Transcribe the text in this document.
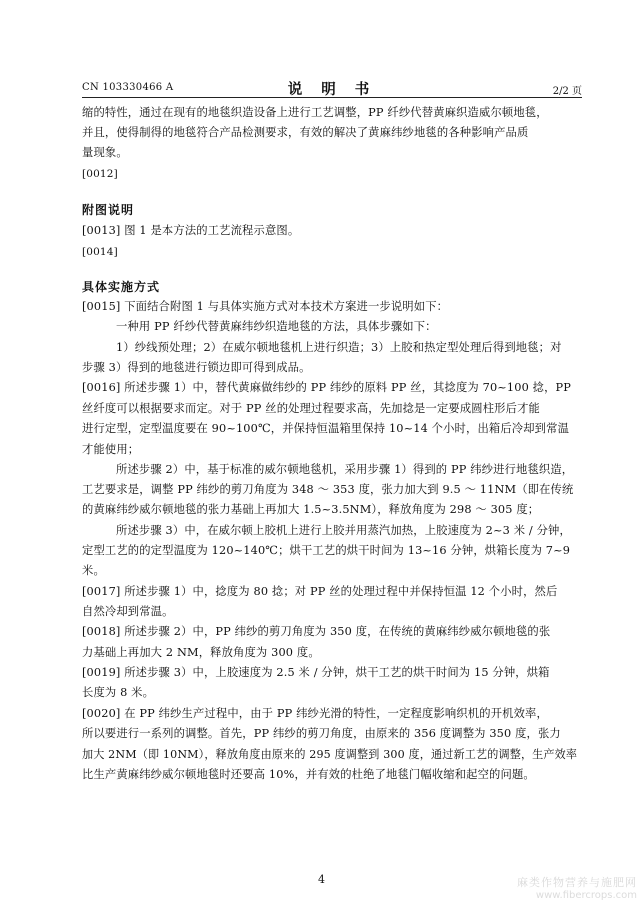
CN 103330466 A	说 明 书	2/2 页
缩的特性，通过在现有的地毯织造设备上进行工艺调整，PP 纤纱代替黄麻织造威尔顿地毯，
并且，使得制得的地毯符合产品检测要求，有效的解决了黄麻纬纱地毯的各种影响产品质
量现象。
[0012]
附图说明
[0013] 图 1 是本方法的工艺流程示意图。
[0014]
具体实施方式
[0015] 下面结合附图 1 与具体实施方式对本技术方案进一步说明如下：
一种用 PP 纤纱代替黄麻纬纱织造地毯的方法，具体步骤如下：
1）纱线预处理；2）在威尔顿地毯机上进行织造；3）上胶和热定型处理后得到地毯；对
步骤 3）得到的地毯进行锁边即可得到成品。
[0016] 所述步骤 1）中，替代黄麻做纬纱的 PP 纬纱的原料 PP 丝，其捻度为 70~100 捻，PP
丝纤度可以根据要求而定。对于 PP 丝的处理过程要求高，先加捻是一定要成圆柱形后才能
进行定型，定型温度要在 90~100℃，并保持恒温箱里保持 10~14 个小时，出箱后冷却到常温
才能使用；
所述步骤 2）中，基于标准的威尔顿地毯机，采用步骤 1）得到的 PP 纬纱进行地毯织造，
工艺要求是，调整 PP 纬纱的剪刀角度为 348 ～ 353 度，张力加大到 9.5 ～ 11NM（即在传统
的黄麻纬纱威尔顿地毯的张力基础上再加大 1.5~3.5NM），释放角度为 298 ～ 305 度；
所述步骤 3）中，在威尔顿上胶机上进行上胶并用蒸汽加热，上胶速度为 2~3 米 / 分钟，
定型工艺的的定型温度为 120~140℃；烘干工艺的烘干时间为 13~16 分钟，烘箱长度为 7~9
米。
[0017] 所述步骤 1）中，捻度为 80 捻；对 PP 丝的处理过程中并保持恒温 12 个小时，然后
自然冷却到常温。
[0018] 所述步骤 2）中，PP 纬纱的剪刀角度为 350 度，在传统的黄麻纬纱威尔顿地毯的张
力基础上再加大 2 NM，释放角度为 300 度。
[0019] 所述步骤 3）中，上胶速度为 2.5 米 / 分钟，烘干工艺的烘干时间为 15 分钟，烘箱
长度为 8 米。
[0020] 在 PP 纬纱生产过程中，由于 PP 纬纱光滑的特性，一定程度影响织机的开机效率，
所以要进行一系列的调整。首先，PP 纬纱的剪刀角度，由原来的 356 度调整为 350 度，张力
加大 2NM（即 10NM），释放角度由原来的 295 度调整到 300 度，通过新工艺的调整，生产效率
比生产黄麻纬纱威尔顿地毯时还要高 10%，并有效的杜绝了地毯门幅收缩和起空的问题。
4	麻类作物营养与施肥网
www.fibercrops.com
